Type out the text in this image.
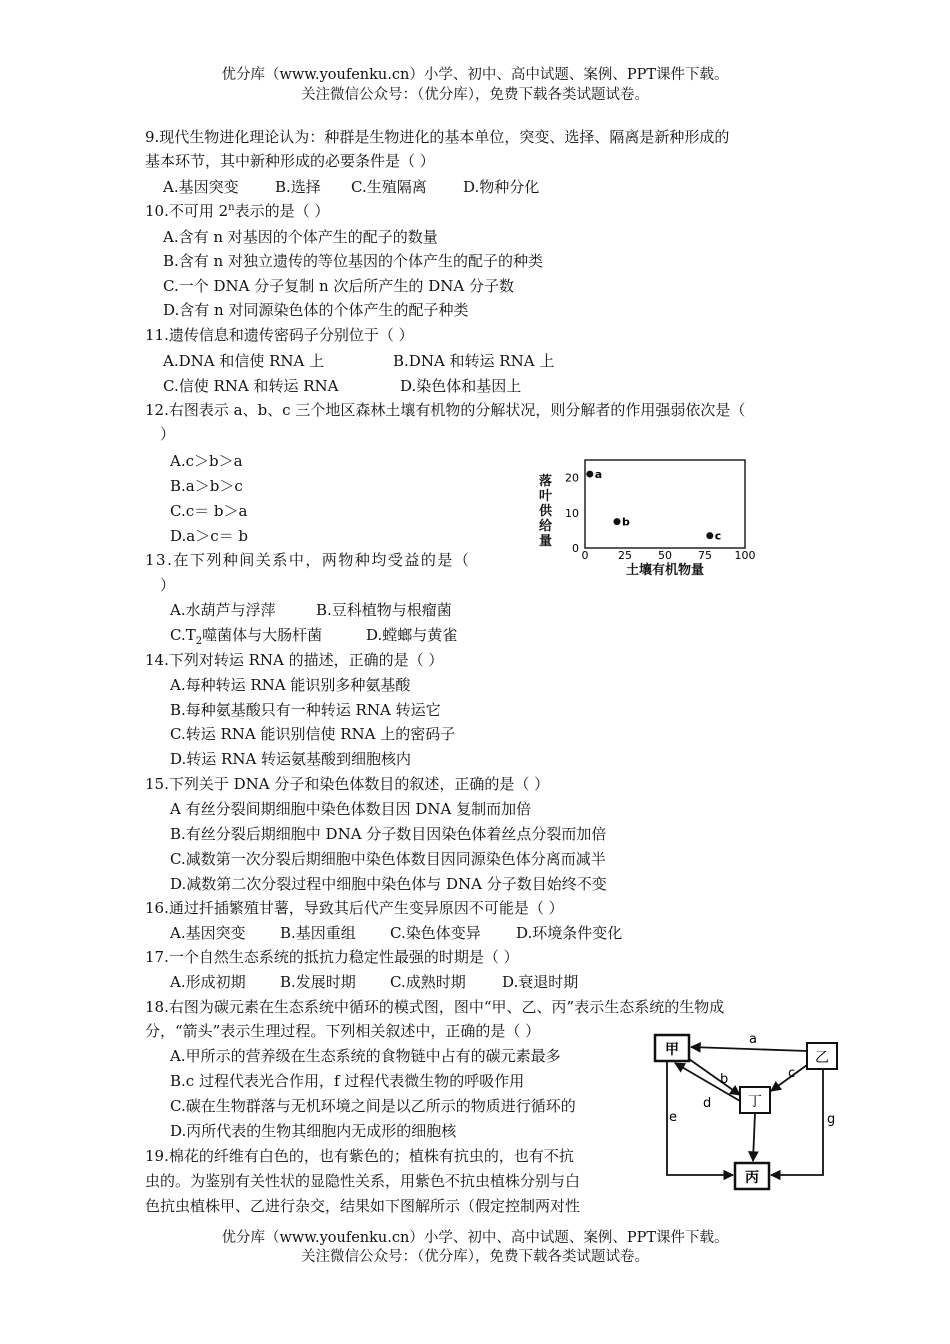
优分库（www.youfenku.cn）小学、初中、高中试题、案例、PPT课件下载。
关注微信公众号：（优分库），免费下载各类试题试卷。
9.现代生物进化理论认为：种群是生物进化的基本单位，突变、选择、隔离是新种形成的
基本环节，其中新种形成的必要条件是（ ）
A.基因突变 B.选择 C.生殖隔离 D.物种分化
10.不可用 2$^n$表示的是（ ）
A.含有 n 对基因的个体产生的配子的数量
B.含有 n 对独立遗传的等位基因的个体产生的配子的种类
C.一个 DNA 分子复制 n 次后所产生的 DNA 分子数
D.含有 n 对同源染色体的个体产生的配子种类
11.遗传信息和遗传密码子分别位于（ ）
A.DNA 和信使 RNA 上	B.DNA 和转运 RNA 上
C.信使 RNA 和转运 RNA	D.染色体和基因上
12.右图表示 a、b、c 三个地区森林土壤有机物的分解状况，则分解者的作用强弱依次是（
）
A.c＞b＞a
B.a＞b＞c
C.c＝ b＞a
D.a＞c＝ b
0
10
20
0	25 50 75 100
a
b
c
落叶供给量
土壤有机物量
13.在下列种间关系中，两物种均受益的是（
）
A.水葫芦与浮萍	B.豆科植物与根瘤菌
$C.T_2$噬菌体与大肠杆菌	D.螳螂与黄雀
14.下列对转运 RNA 的描述，正确的是（ ）
A.每种转运 RNA 能识别多种氨基酸
B.每种氨基酸只有一种转运 RNA 转运它
C.转运 RNA 能识别信使 RNA 上的密码子
D.转运 RNA 转运氨基酸到细胞核内
15.下列关于 DNA 分子和染色体数目的叙述，正确的是（ ）
A 有丝分裂间期细胞中染色体数目因 DNA 复制而加倍
B.有丝分裂后期细胞中 DNA 分子数目因染色体着丝点分裂而加倍
C.减数第一次分裂后期细胞中染色体数目因同源染色体分离而减半
D.减数第二次分裂过程中细胞中染色体与 DNA 分子数目始终不变
16.通过扦插繁殖甘薯，导致其后代产生变异原因不可能是（ ）
A.基因突变 B.基因重组 C.染色体变异 D.环境条件变化
17.一个自然生态系统的抵抗力稳定性最强的时期是（ ）
A.形成初期 B.发展时期 C.成熟时期 D.衰退时期
18.右图为碳元素在生态系统中循环的模式图，图中“甲、乙、丙”表示生态系统的生物成
分，“箭头”表示生理过程。下列相关叙述中，正确的是（ ）
A.甲所示的营养级在生态系统的食物链中占有的碳元素最多
B.c 过程代表光合作用，f 过程代表微生物的呼吸作用
C.碳在生物群落与无机环境之间是以乙所示的物质进行循环的
D.丙所代表的生物其细胞内无成形的细胞核
甲	乙
丁
丙
a
b
d
c
e	g
19.棉花的纤维有白色的，也有紫色的；植株有抗虫的，也有不抗
虫的。为鉴别有关性状的显隐性关系，用紫色不抗虫植株分别与白
色抗虫植株甲、乙进行杂交，结果如下图解所示（假定控制两对性
优分库（www.youfenku.cn）小学、初中、高中试题、案例、PPT课件下载。
关注微信公众号：（优分库），免费下载各类试题试卷。
